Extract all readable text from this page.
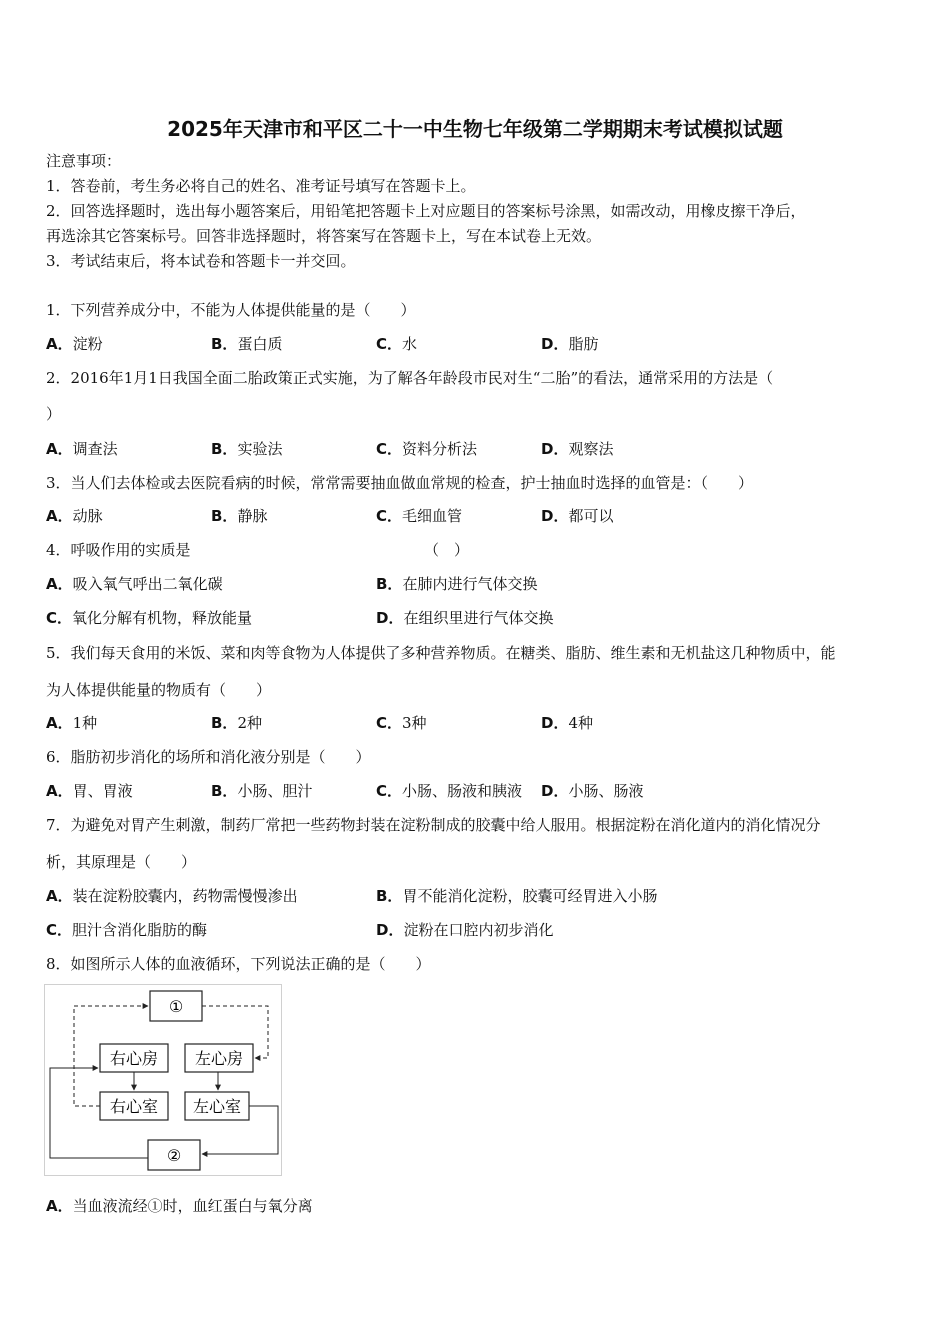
2025年天津市和平区二十一中生物七年级第二学期期末考试模拟试题
注意事项：
1．答卷前，考生务必将自己的姓名、准考证号填写在答题卡上。
2．回答选择题时，选出每小题答案后，用铅笔把答题卡上对应题目的答案标号涂黑，如需改动，用橡皮擦干净后，
再选涂其它答案标号。回答非选择题时，将答案写在答题卡上，写在本试卷上无效。
3．考试结束后，将本试卷和答题卡一并交回。
1．下列营养成分中，不能为人体提供能量的是（　　）
A．淀粉	B．蛋白质	C．水	D．脂肪
2．2016年1月1日我国全面二胎政策正式实施，为了解各年龄段市民对生“二胎”的看法，通常采用的方法是（
）
A．调查法	B．实验法	C．资料分析法	D．观察法
3．当人们去体检或去医院看病的时候，常常需要抽血做血常规的检查，护士抽血时选择的血管是：（　　）
A．动脉	B．静脉	C．毛细血管	D．都可以
4．呼吸作用的实质是	（　）
A．吸入氧气呼出二氧化碳	B．在肺内进行气体交换
C．氧化分解有机物，释放能量	D．在组织里进行气体交换
5．我们每天食用的米饭、菜和肉等食物为人体提供了多种营养物质。在糖类、脂肪、维生素和无机盐这几种物质中，能
为人体提供能量的物质有（　　）
A．1种	B．2种	C．3种	D．4种
6．脂肪初步消化的场所和消化液分别是（　　）
A．胃、胃液	B．小肠、胆汁	C．小肠、肠液和胰液 D．小肠、肠液
7．为避免对胃产生刺激，制药厂常把一些药物封装在淀粉制成的胶囊中给人服用。根据淀粉在消化道内的消化情况分
析，其原理是（　　）
A．装在淀粉胶囊内，药物需慢慢渗出	B．胃不能消化淀粉，胶囊可经胃进入小肠
C．胆汁含消化脂肪的酶	D．淀粉在口腔内初步消化
8．如图所示人体的血液循环，下列说法正确的是（　　）
①
右心房 左心房
右心室 左心室
②
A．当血液流经①时，血红蛋白与氧分离
